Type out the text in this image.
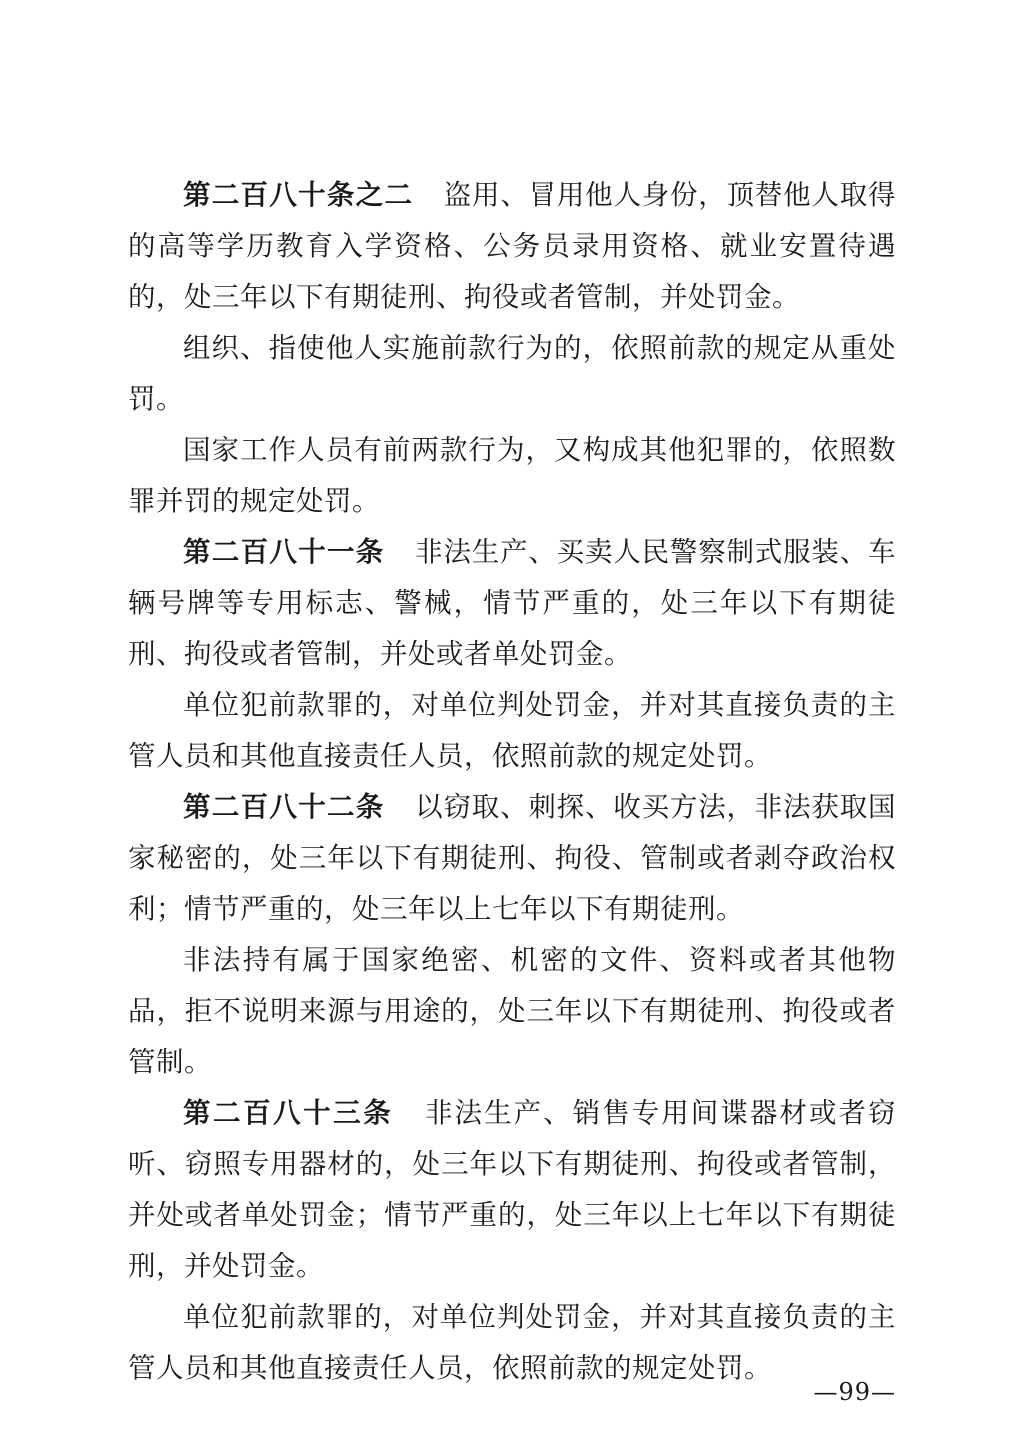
第二百八十条之二 盗用、冒用他人身份，顶替他人取得的高等学历教育入学资格、公务员录用资格、就业安置待遇的，处三年以下有期徒刑、拘役或者管制，并处罚金。

组织、指使他人实施前款行为的，依照前款的规定从重处罚。

国家工作人员有前两款行为，又构成其他犯罪的，依照数罪并罚的规定处罚。

第二百八十一条 非法生产、买卖人民警察制式服装、车辆号牌等专用标志、警械，情节严重的，处三年以下有期徒刑、拘役或者管制，并处或者单处罚金。

单位犯前款罪的，对单位判处罚金，并对其直接负责的主管人员和其他直接责任人员，依照前款的规定处罚。

第二百八十二条 以窃取、刺探、收买方法，非法获取国家秘密的，处三年以下有期徒刑、拘役、管制或者剥夺政治权利；情节严重的，处三年以上七年以下有期徒刑。

非法持有属于国家绝密、机密的文件、资料或者其他物品，拒不说明来源与用途的，处三年以下有期徒刑、拘役或者管制。

第二百八十三条 非法生产、销售专用间谍器材或者窃听、窃照专用器材的，处三年以下有期徒刑、拘役或者管制，并处或者单处罚金；情节严重的，处三年以上七年以下有期徒刑，并处罚金。

单位犯前款罪的，对单位判处罚金，并对其直接负责的主管人员和其他直接责任人员，依照前款的规定处罚。

—99—
